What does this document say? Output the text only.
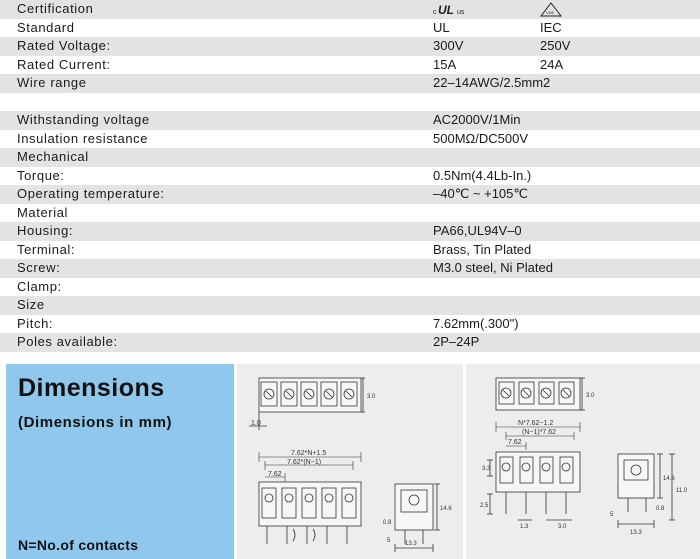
Certification	c UL us	VDE
Standard	UL	IEC
Rated Voltage:	300V	250V
Rated Current:	15A	24A
Wire range	22–14AWG/2.5mm2
Withstanding voltage	AC2000V/1Min
Insulation resistance	500MΩ/DC500V
Mechanical
Torque:	0.5Nm(4.4Lb-In.)
Operating temperature:	–40℃ ~ +105℃
Material
Housing:	PA66,UL94V–0
Terminal:	Brass, Tin Plated
Screw:	M3.0 steel, Ni Plated
Clamp:
Size
Pitch:	7.62mm(.300")
Poles available:	2P–24P
Dimensions
(Dimensions in mm)
N=No.of contacts
3.0
1.0
7.62*N+1.5
7.62*(N−1)
7.62
14.6
0.8
5 13.3
3.0
N*7.62−1.2
(N−1)*7.62
7.62
3.3
2.5
1.3	3.0
14.6
11.0
0.8
5
13.3
